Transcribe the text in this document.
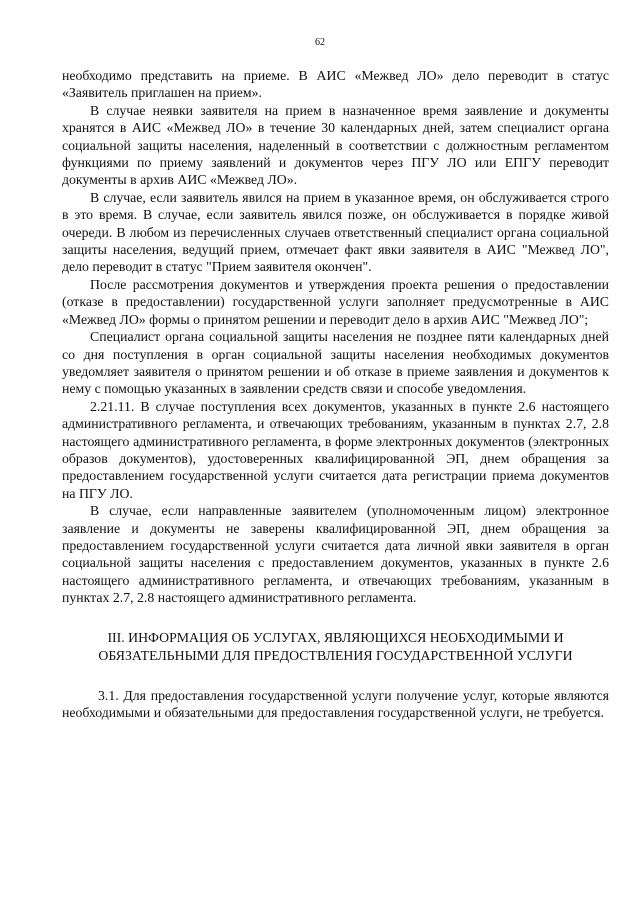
62

необходимо представить на приеме. В АИС «Межвед ЛО» дело переводит в статус «Заявитель приглашен на прием».

В случае неявки заявителя на прием в назначенное время заявление и документы хранятся в АИС «Межвед ЛО» в течение 30 календарных дней, затем специалист органа социальной защиты населения, наделенный в соответствии с должностным регламентом функциями по приему заявлений и документов через ПГУ ЛО или ЕПГУ переводит документы в архив АИС «Межвед ЛО».

В случае, если заявитель явился на прием в указанное время, он обслуживается строго в это время. В случае, если заявитель явился позже, он обслуживается в порядке живой очереди. В любом из перечисленных случаев ответственный специалист органа социальной защиты населения, ведущий прием, отмечает факт явки заявителя в АИС "Межвед ЛО", дело переводит в статус "Прием заявителя окончен".

После рассмотрения документов и утверждения проекта решения о предоставлении (отказе в предоставлении) государственной услуги заполняет предусмотренные в АИС «Межвед ЛО» формы о принятом решении и переводит дело в архив АИС "Межвед ЛО";

Специалист органа социальной защиты населения не позднее пяти календарных дней со дня поступления в орган социальной защиты населения необходимых документов уведомляет заявителя о принятом решении и об отказе в приеме заявления и документов к нему с помощью указанных в заявлении средств связи и способе уведомления.

2.21.11. В случае поступления всех документов, указанных в пункте 2.6 настоящего административного регламента, и отвечающих требованиям, указанным в пунктах 2.7, 2.8 настоящего административного регламента, в форме электронных документов (электронных образов документов), удостоверенных квалифицированной ЭП, днем обращения за предоставлением государственной услуги считается дата регистрации приема документов на ПГУ ЛО.

В случае, если направленные заявителем (уполномоченным лицом) электронное заявление и документы не заверены квалифицированной ЭП, днем обращения за предоставлением государственной услуги считается дата личной явки заявителя в орган социальной защиты населения с предоставлением документов, указанных в пункте 2.6 настоящего административного регламента, и отвечающих требованиям, указанным в пунктах 2.7, 2.8 настоящего административного регламента.

III. ИНФОРМАЦИЯ ОБ УСЛУГАХ, ЯВЛЯЮЩИХСЯ НЕОБХОДИМЫМИ И
ОБЯЗАТЕЛЬНЫМИ ДЛЯ ПРЕДОСТВЛЕНИЯ ГОСУДАРСТВЕННОЙ УСЛУГИ

3.1. Для предоставления государственной услуги получение услуг, которые являются необходимыми и обязательными для предоставления государственной услуги, не требуется.
